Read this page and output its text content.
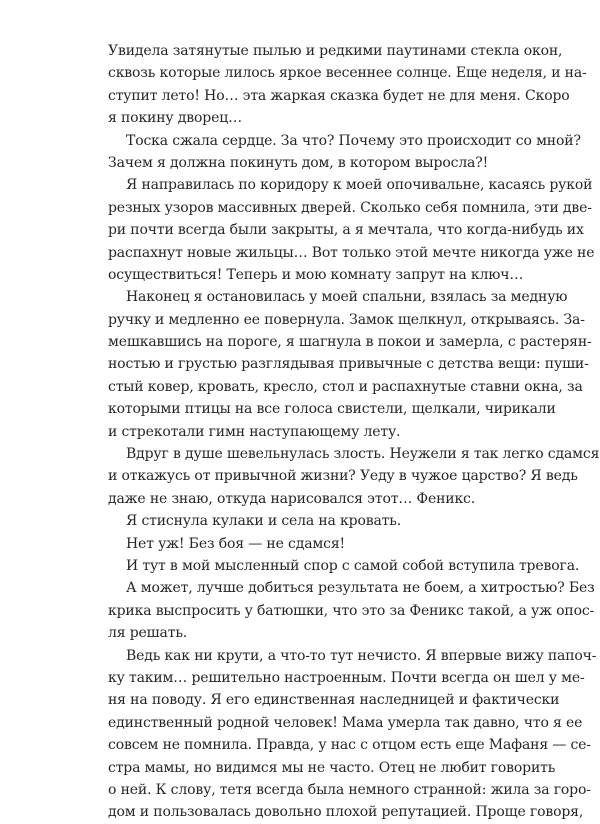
Увидела затянутые пылью и редкими паутинами стекла окон,
сквозь которые лилось яркое весеннее солнце. Еще неделя, и на-
ступит лето! Но… эта жаркая сказка будет не для меня. Скоро
я покину дворец…
Тоска сжала сердце. За что? Почему это происходит со мной?
Зачем я должна покинуть дом, в котором выросла?!
Я направилась по коридору к моей опочивальне, касаясь рукой
резных узоров массивных дверей. Сколько себя помнила, эти две-
ри почти всегда были закрыты, а я мечтала, что когда-нибудь их
распахнут новые жильцы… Вот только этой мечте никогда уже не
осуществиться! Теперь и мою комнату запрут на ключ…
Наконец я остановилась у моей спальни, взялась за медную
ручку и медленно ее повернула. Замок щелкнул, открываясь. За-
мешкавшись на пороге, я шагнула в покои и замерла, с растерян-
ностью и грустью разглядывая привычные с детства вещи: пуши-
стый ковер, кровать, кресло, стол и распахнутые ставни окна, за
которыми птицы на все голоса свистели, щелкали, чирикали
и стрекотали гимн наступающему лету.
Вдруг в душе шевельнулась злость. Неужели я так легко сдамся
и откажусь от привычной жизни? Уеду в чужое царство? Я ведь
даже не знаю, откуда нарисовался этот… Феникс.
Я стиснула кулаки и села на кровать.
Нет уж! Без боя — не сдамся!
И тут в мой мысленный спор с самой собой вступила тревога.
А может, лучше добиться результата не боем, а хитростью? Без
крика выспросить у батюшки, что это за Феникс такой, а уж опос-
ля решать.
Ведь как ни крути, а что-то тут нечисто. Я впервые вижу папоч-
ку таким… решительно настроенным. Почти всегда он шел у ме-
ня на поводу. Я его единственная наследницей и фактически
единственный родной человек! Мама умерла так давно, что я ее
совсем не помнила. Правда, у нас с отцом есть еще Мафаня — се-
стра мамы, но видимся мы не часто. Отец не любит говорить
о ней. К слову, тетя всегда была немного странной: жила за горо-
дом и пользовалась довольно плохой репутацией. Проще говоря,
